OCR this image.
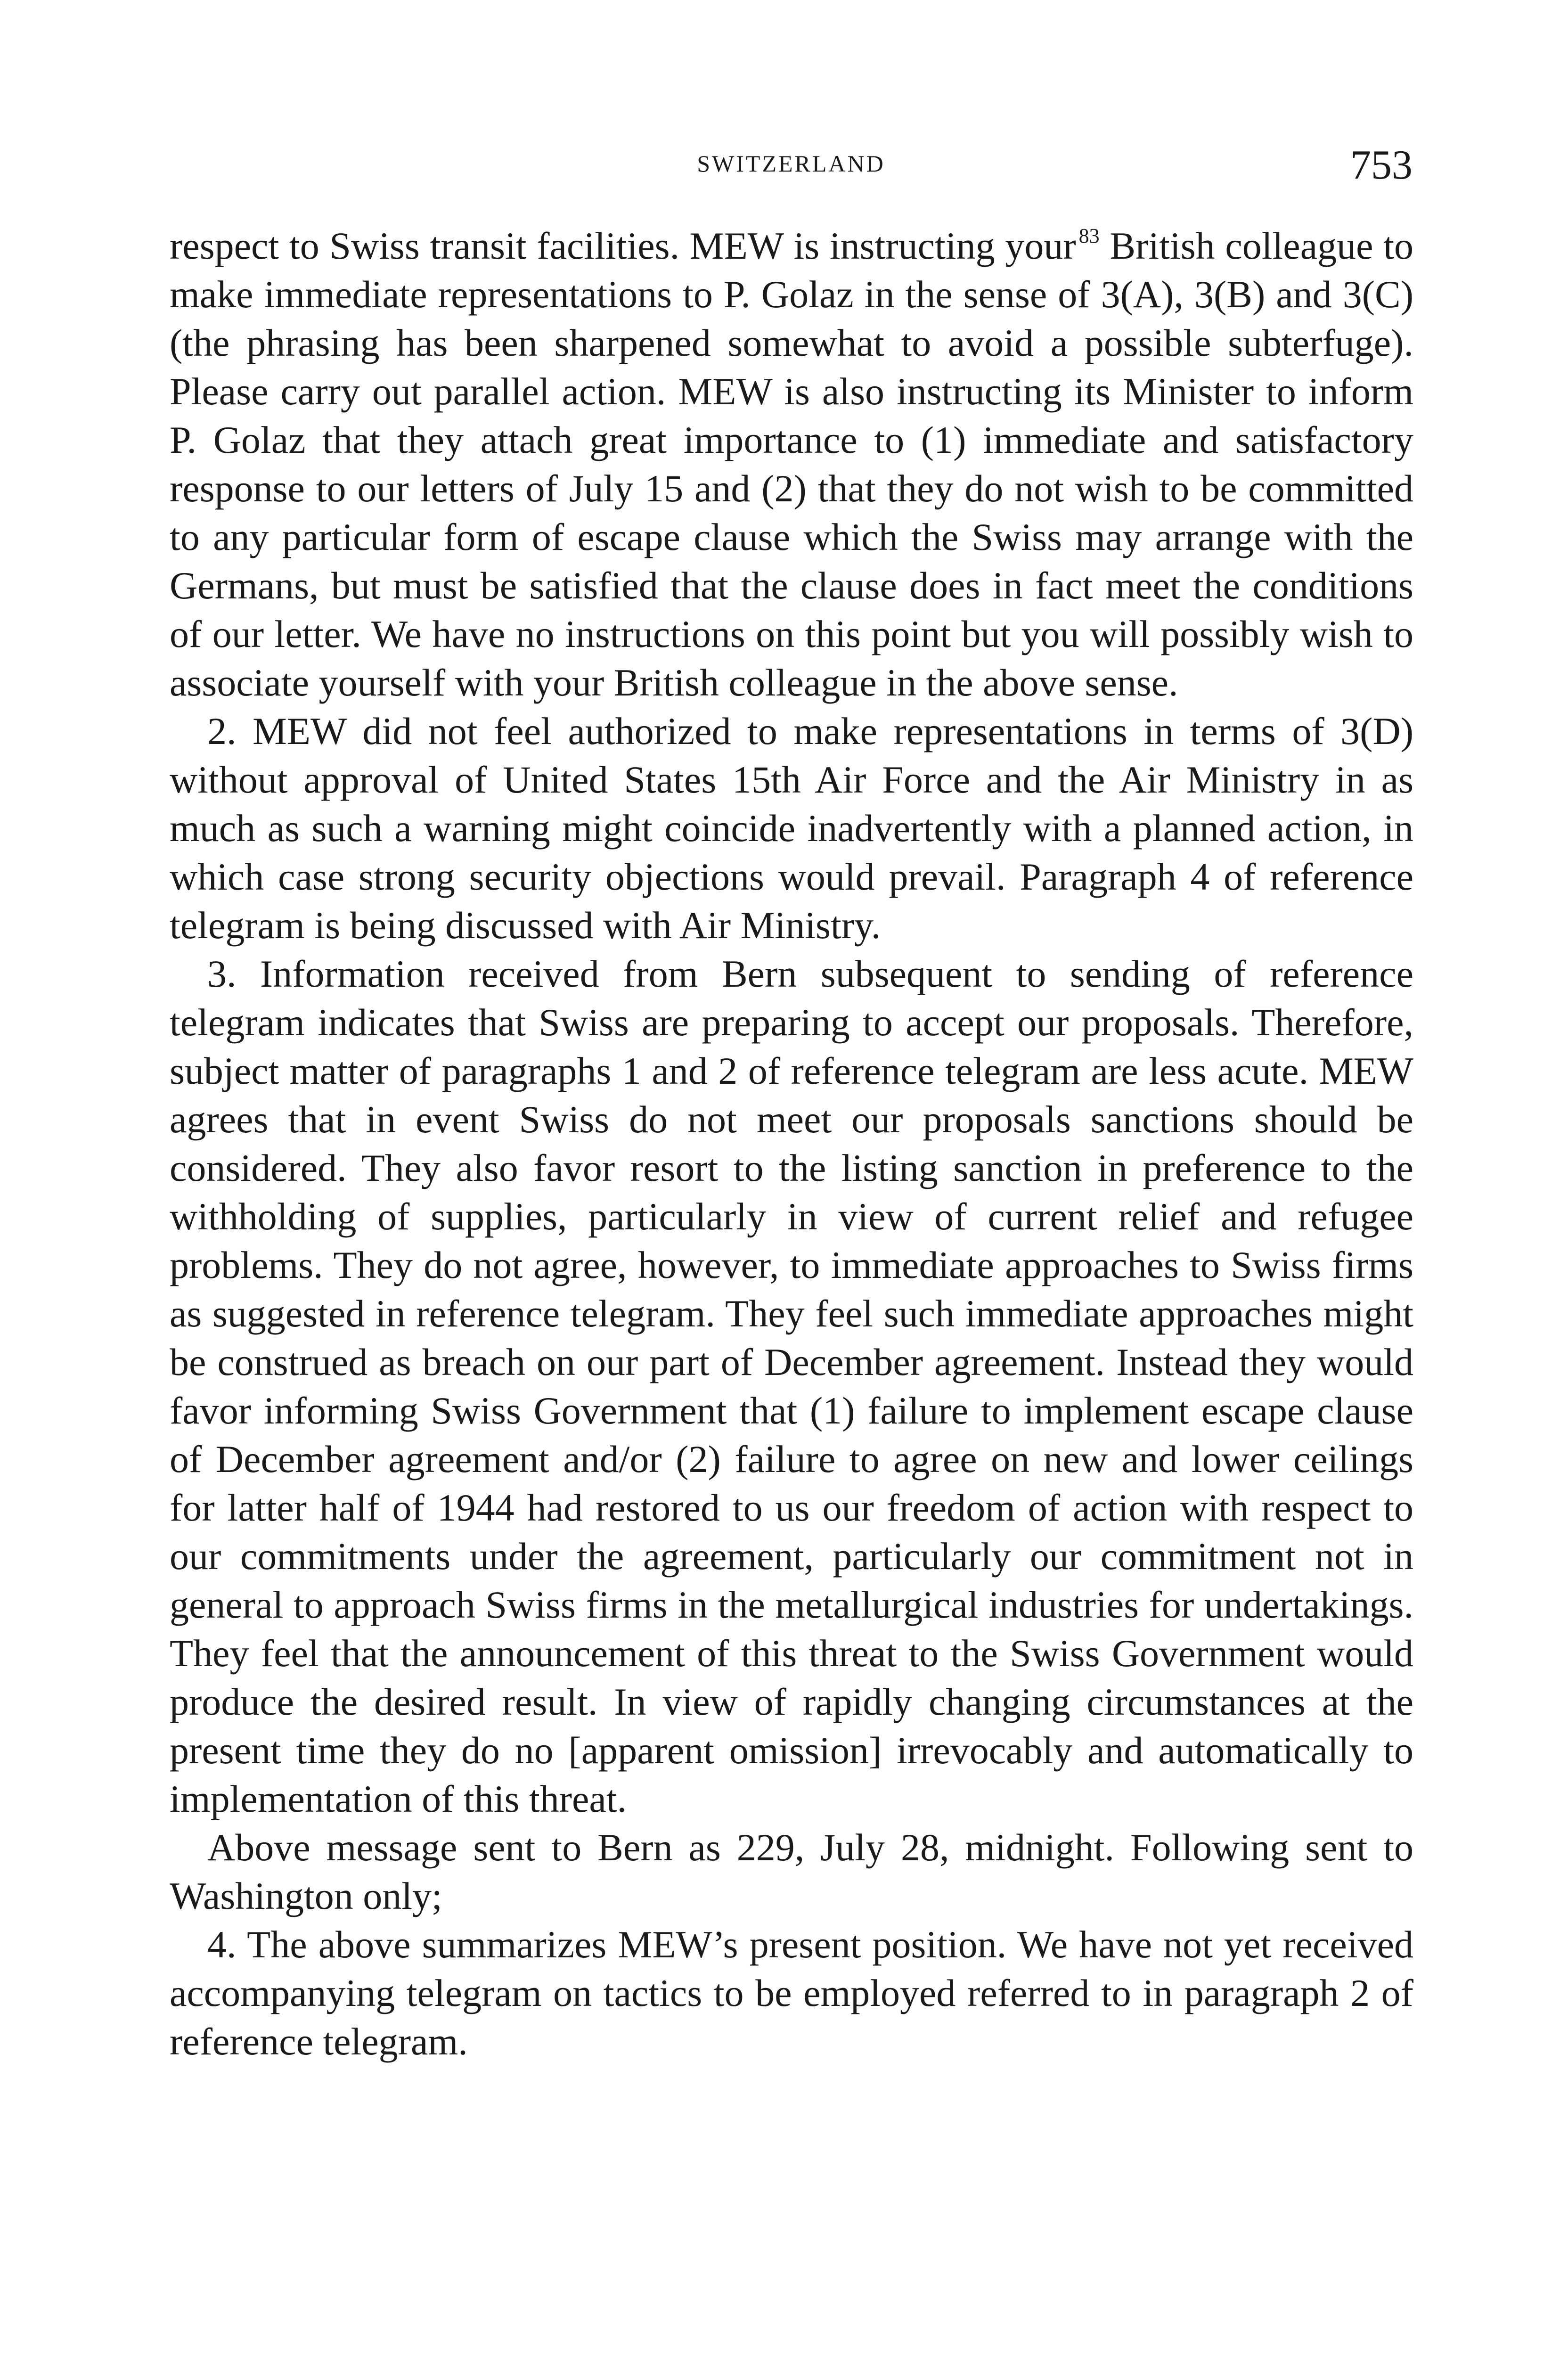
SWITZERLAND	753

respect to Swiss transit facilities. MEW is instructing your $^{83}$ British colleague to make immediate representations to P. Golaz in the sense of 3(A), 3(B) and 3(C) (the phrasing has been sharpened somewhat to avoid a possible subterfuge). Please carry out parallel action. MEW is also instructing its Minister to inform P. Golaz that they attach great importance to (1) immediate and satisfactory response to our letters of July 15 and (2) that they do not wish to be committed to any particular form of escape clause which the Swiss may arrange with the Germans, but must be satisfied that the clause does in fact meet the conditions of our letter. We have no instructions on this point but you will possibly wish to associate yourself with your British colleague in the above sense.

2. MEW did not feel authorized to make representations in terms of 3(D) without approval of United States 15th Air Force and the Air Ministry in as much as such a warning might coincide inadvertently with a planned action, in which case strong security objections would prevail. Paragraph 4 of reference telegram is being discussed with Air Ministry.

3. Information received from Bern subsequent to sending of reference telegram indicates that Swiss are preparing to accept our proposals. Therefore, subject matter of paragraphs 1 and 2 of reference telegram are less acute. MEW agrees that in event Swiss do not meet our proposals sanctions should be considered. They also favor resort to the listing sanction in preference to the withholding of supplies, particularly in view of current relief and refugee problems. They do not agree, however, to immediate approaches to Swiss firms as suggested in reference telegram. They feel such immediate approaches might be construed as breach on our part of December agreement. Instead they would favor informing Swiss Government that (1) failure to implement escape clause of December agreement and/or (2) failure to agree on new and lower ceilings for latter half of 1944 had restored to us our freedom of action with respect to our commitments under the agreement, particularly our commitment not in general to approach Swiss firms in the metallurgical industries for undertakings. They feel that the announcement of this threat to the Swiss Government would produce the desired result. In view of rapidly changing circumstances at the present time they do no [apparent omission] irrevocably and automatically to implementation of this threat.

Above message sent to Bern as 229, July 28, midnight. Following sent to Washington only;

4. The above summarizes MEW’s present position. We have not yet received accompanying telegram on tactics to be employed referred to in paragraph 2 of reference telegram.
